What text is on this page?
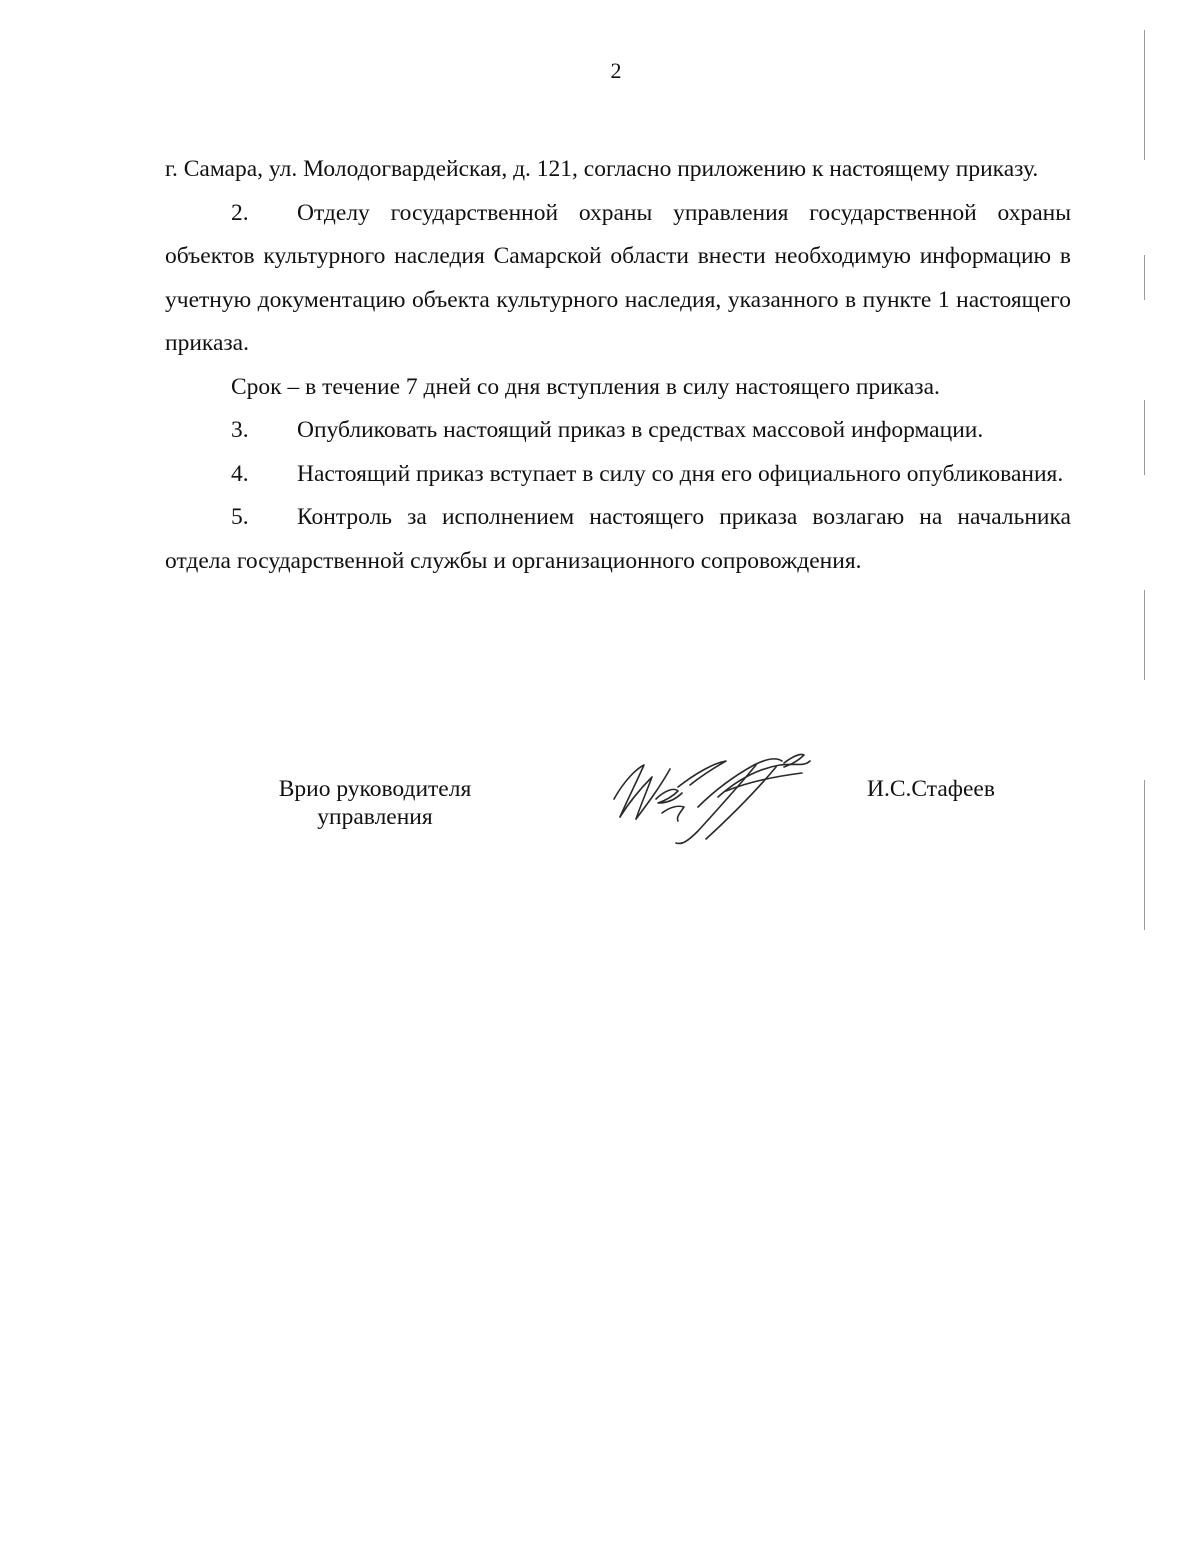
2

г. Самара, ул. Молодогвардейская, д. 121, согласно приложению к настоящему приказу.

2. Отделу государственной охраны управления государственной охраны объектов культурного наследия Самарской области внести необходимую информацию в учетную документацию объекта культурного наследия, указанного в пункте 1 настоящего приказа.

Срок – в течение 7 дней со дня вступления в силу настоящего приказа.

3. Опубликовать настоящий приказ в средствах массовой информации.

4. Настоящий приказ вступает в силу со дня его официального опубликования.

5. Контроль за исполнением настоящего приказа возлагаю на начальника отдела государственной службы и организационного сопровождения.

Врио руководителя
управления
И.С.Стафеев
